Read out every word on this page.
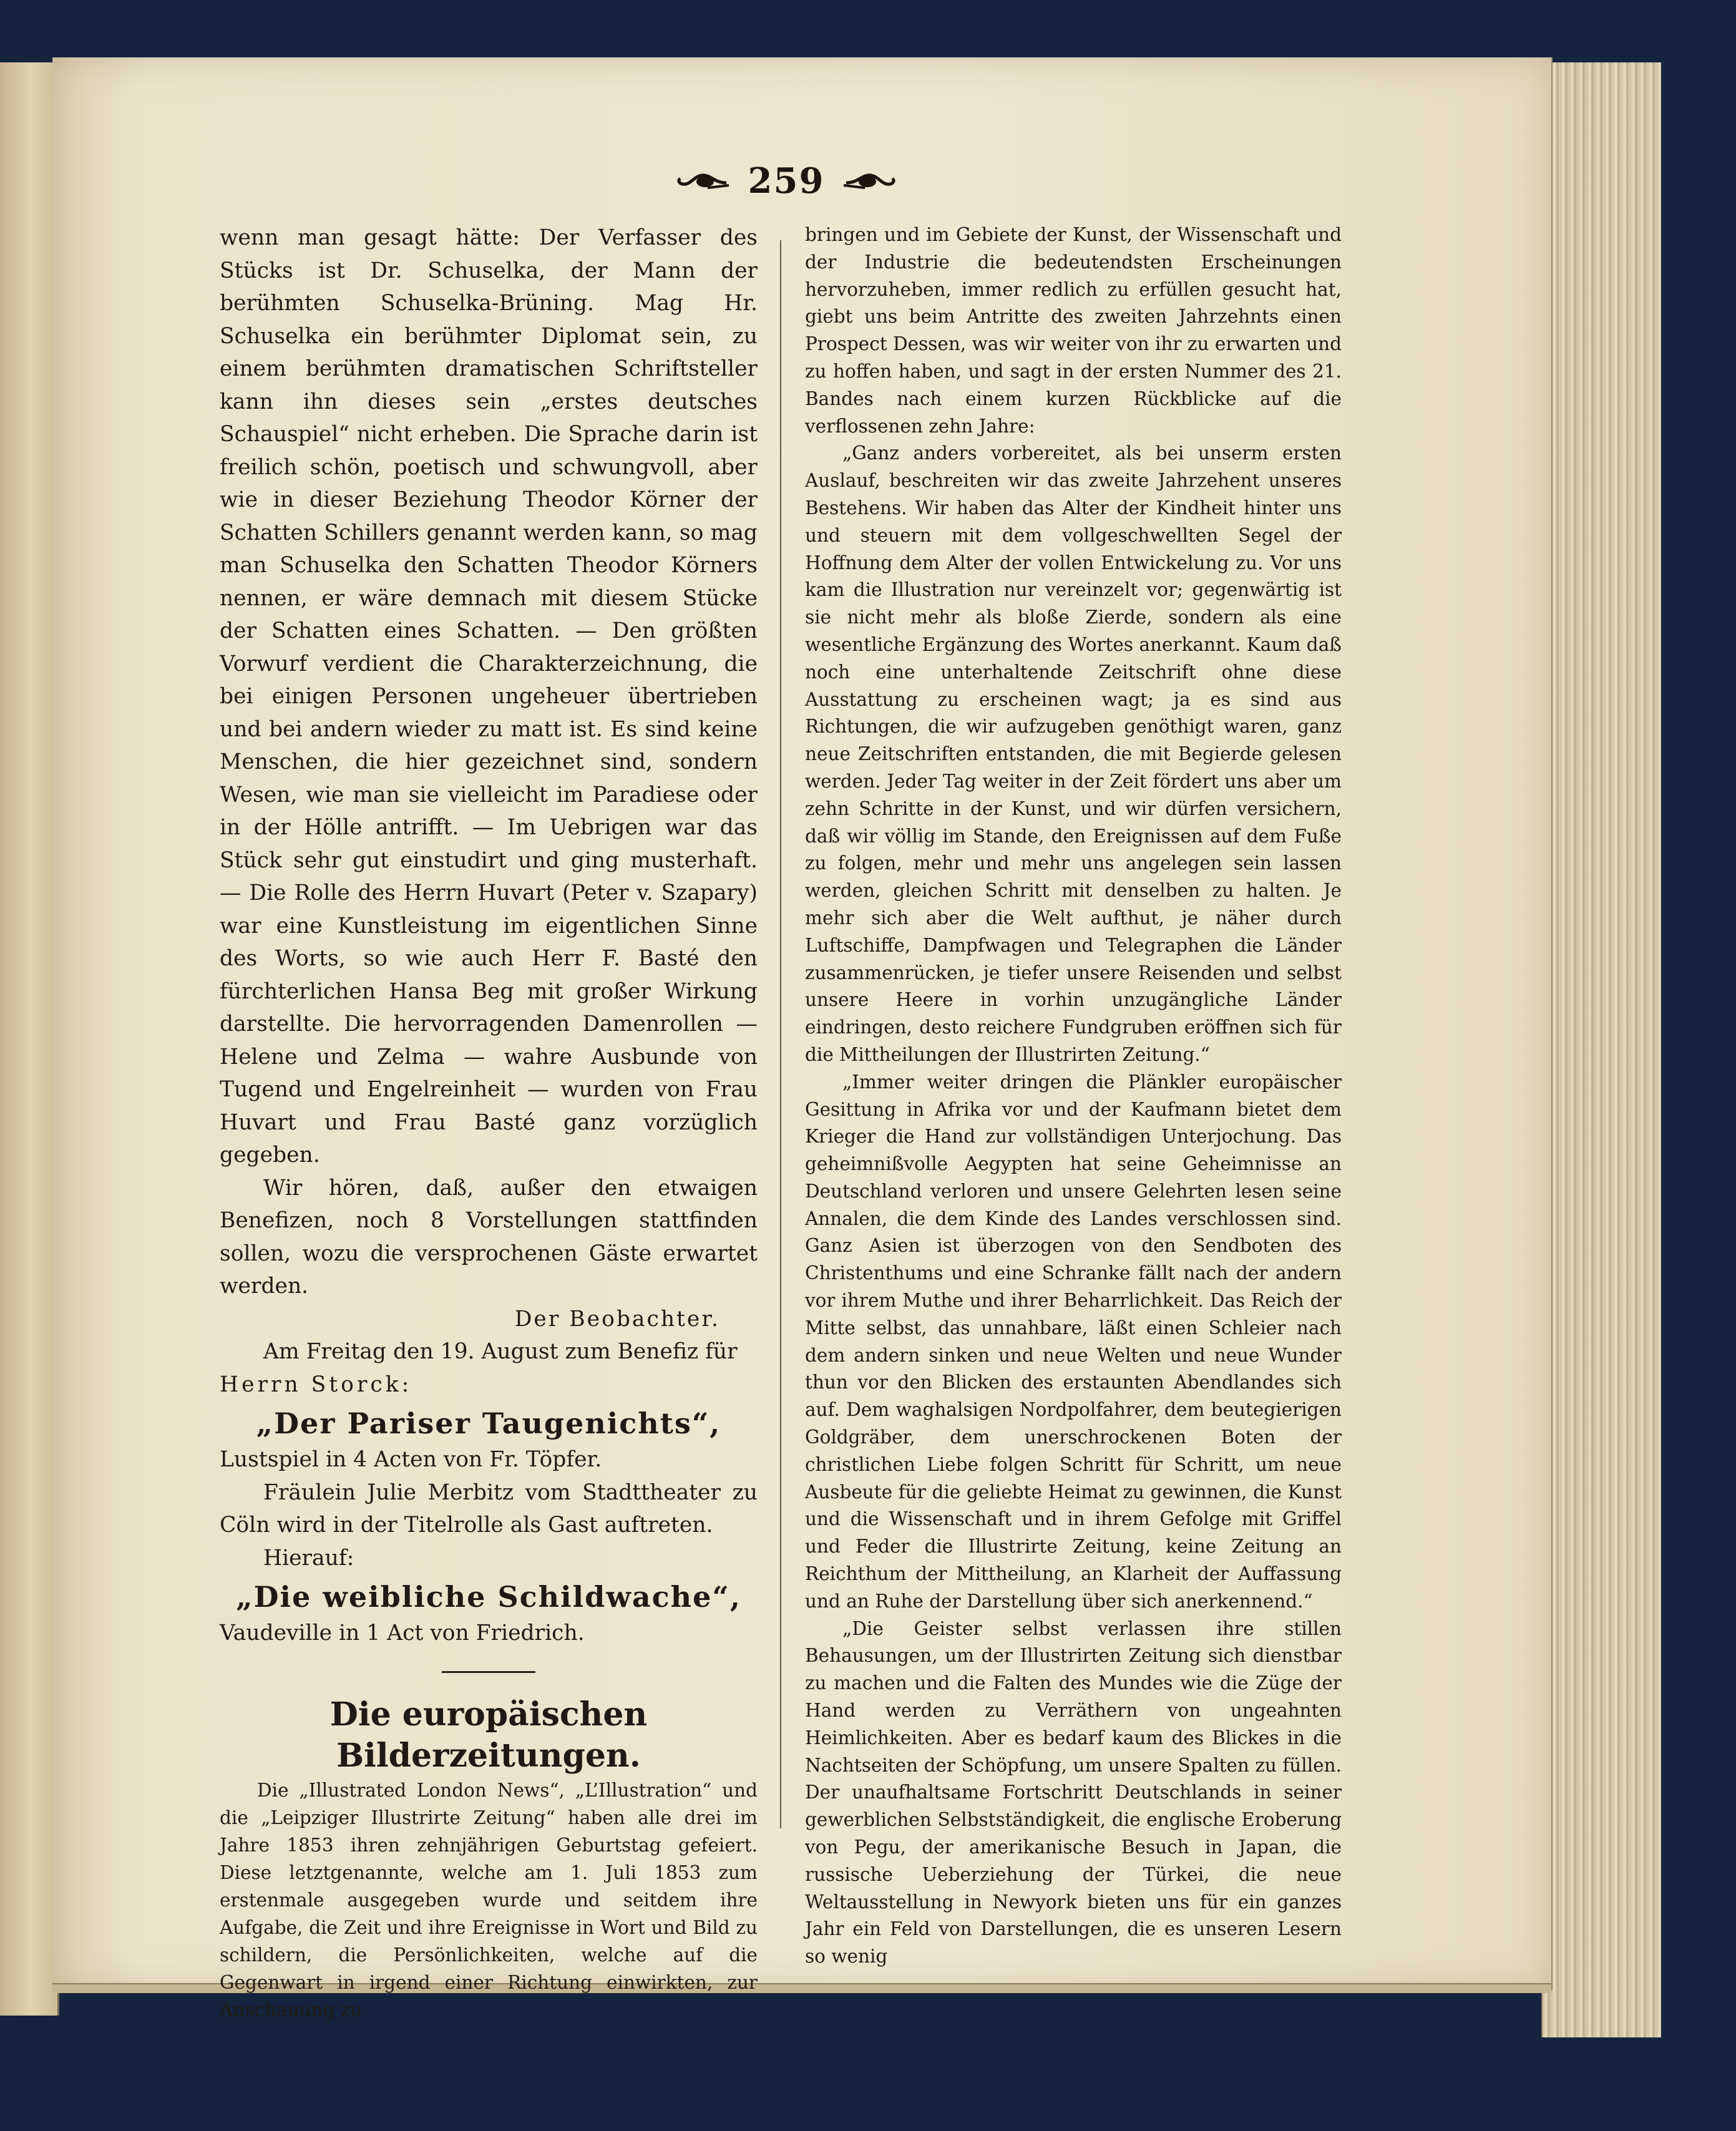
259

wenn man gesagt hätte: Der Verfasser des Stücks ist Dr. Schuselka, der Mann der berühmten Schuselka-Brüning. Mag Hr. Schuselka ein berühmter Diplomat sein, zu einem berühmten dramatischen Schriftsteller kann ihn dieses sein „erstes deutsches Schauspiel“ nicht erheben. Die Sprache darin ist freilich schön, poetisch und schwungvoll, aber wie in dieser Beziehung Theodor Körner der Schatten Schillers genannt werden kann, so mag man Schuselka den Schatten Theodor Körners nennen, er wäre demnach mit diesem Stücke der Schatten eines Schatten. — Den größten Vorwurf verdient die Charakterzeichnung, die bei einigen Personen ungeheuer übertrieben und bei andern wieder zu matt ist. Es sind keine Menschen, die hier gezeichnet sind, sondern Wesen, wie man sie vielleicht im Paradiese oder in der Hölle antrifft. — Im Uebrigen war das Stück sehr gut einstudirt und ging musterhaft. — Die Rolle des Herrn Huvart (Peter v. Szapary) war eine Kunstleistung im eigentlichen Sinne des Worts, so wie auch Herr F. Basté den fürchterlichen Hansa Beg mit großer Wirkung darstellte. Die hervorragenden Damenrollen — Helene und Zelma — wahre Ausbunde von Tugend und Engelreinheit — wurden von Frau Huvart und Frau Basté ganz vorzüglich gegeben.

Wir hören, daß, außer den etwaigen Benefizen, noch 8 Vorstellungen stattfinden sollen, wozu die versprochenen Gäste erwartet werden.

Der Beobachter.

Am Freitag den 19. August zum Benefiz für

Herrn Storck:

„Der Pariser Taugenichts“,

Lustspiel in 4 Acten von Fr. Töpfer.

Fräulein Julie Merbitz vom Stadttheater zu Cöln wird in der Titelrolle als Gast auftreten.

Hierauf:

„Die weibliche Schildwache“,

Vaudeville in 1 Act von Friedrich.

Die europäischen Bilderzeitungen.

Die „Illustrated London News“, „L’Illustration“ und die „Leipziger Illustrirte Zeitung“ haben alle drei im Jahre 1853 ihren zehnjährigen Geburtstag gefeiert. Diese letztgenannte, welche am 1. Juli 1853 zum erstenmale ausgegeben wurde und seitdem ihre Aufgabe, die Zeit und ihre Ereignisse in Wort und Bild zu schildern, die Persönlichkeiten, welche auf die Gegenwart in irgend einer Richtung einwirkten, zur Anschauung zu

bringen und im Gebiete der Kunst, der Wissenschaft und der Industrie die bedeutendsten Erscheinungen hervorzuheben, immer redlich zu erfüllen gesucht hat, giebt uns beim Antritte des zweiten Jahrzehnts einen Prospect Dessen, was wir weiter von ihr zu erwarten und zu hoffen haben, und sagt in der ersten Nummer des 21. Bandes nach einem kurzen Rückblicke auf die verflossenen zehn Jahre:

„Ganz anders vorbereitet, als bei unserm ersten Auslauf, beschreiten wir das zweite Jahrzehent unseres Bestehens. Wir haben das Alter der Kindheit hinter uns und steuern mit dem vollgeschwellten Segel der Hoffnung dem Alter der vollen Entwickelung zu. Vor uns kam die Illustration nur vereinzelt vor; gegenwärtig ist sie nicht mehr als bloße Zierde, sondern als eine wesentliche Ergänzung des Wortes anerkannt. Kaum daß noch eine unterhaltende Zeitschrift ohne diese Ausstattung zu erscheinen wagt; ja es sind aus Richtungen, die wir aufzugeben genöthigt waren, ganz neue Zeitschriften entstanden, die mit Begierde gelesen werden. Jeder Tag weiter in der Zeit fördert uns aber um zehn Schritte in der Kunst, und wir dürfen versichern, daß wir völlig im Stande, den Ereignissen auf dem Fuße zu folgen, mehr und mehr uns angelegen sein lassen werden, gleichen Schritt mit denselben zu halten. Je mehr sich aber die Welt aufthut, je näher durch Luftschiffe, Dampfwagen und Telegraphen die Länder zusammenrücken, je tiefer unsere Reisenden und selbst unsere Heere in vorhin unzugängliche Länder eindringen, desto reichere Fundgruben eröffnen sich für die Mittheilungen der Illustrirten Zeitung.“

„Immer weiter dringen die Plänkler europäischer Gesittung in Afrika vor und der Kaufmann bietet dem Krieger die Hand zur vollständigen Unterjochung. Das geheimnißvolle Aegypten hat seine Geheimnisse an Deutschland verloren und unsere Gelehrten lesen seine Annalen, die dem Kinde des Landes verschlossen sind. Ganz Asien ist überzogen von den Sendboten des Christenthums und eine Schranke fällt nach der andern vor ihrem Muthe und ihrer Beharrlichkeit. Das Reich der Mitte selbst, das unnahbare, läßt einen Schleier nach dem andern sinken und neue Welten und neue Wunder thun vor den Blicken des erstaunten Abendlandes sich auf. Dem waghalsigen Nordpolfahrer, dem beutegierigen Goldgräber, dem unerschrockenen Boten der christlichen Liebe folgen Schritt für Schritt, um neue Ausbeute für die geliebte Heimat zu gewinnen, die Kunst und die Wissenschaft und in ihrem Gefolge mit Griffel und Feder die Illustrirte Zeitung, keine Zeitung an Reichthum der Mittheilung, an Klarheit der Auffassung und an Ruhe der Darstellung über sich anerkennend.“

„Die Geister selbst verlassen ihre stillen Behausungen, um der Illustrirten Zeitung sich dienstbar zu machen und die Falten des Mundes wie die Züge der Hand werden zu Verräthern von ungeahnten Heimlichkeiten. Aber es bedarf kaum des Blickes in die Nachtseiten der Schöpfung, um unsere Spalten zu füllen. Der unaufhaltsame Fortschritt Deutschlands in seiner gewerblichen Selbstständigkeit, die englische Eroberung von Pegu, der amerikanische Besuch in Japan, die russische Ueberziehung der Türkei, die neue Weltausstellung in Newyork bieten uns für ein ganzes Jahr ein Feld von Darstellungen, die es unseren Lesern so wenig
